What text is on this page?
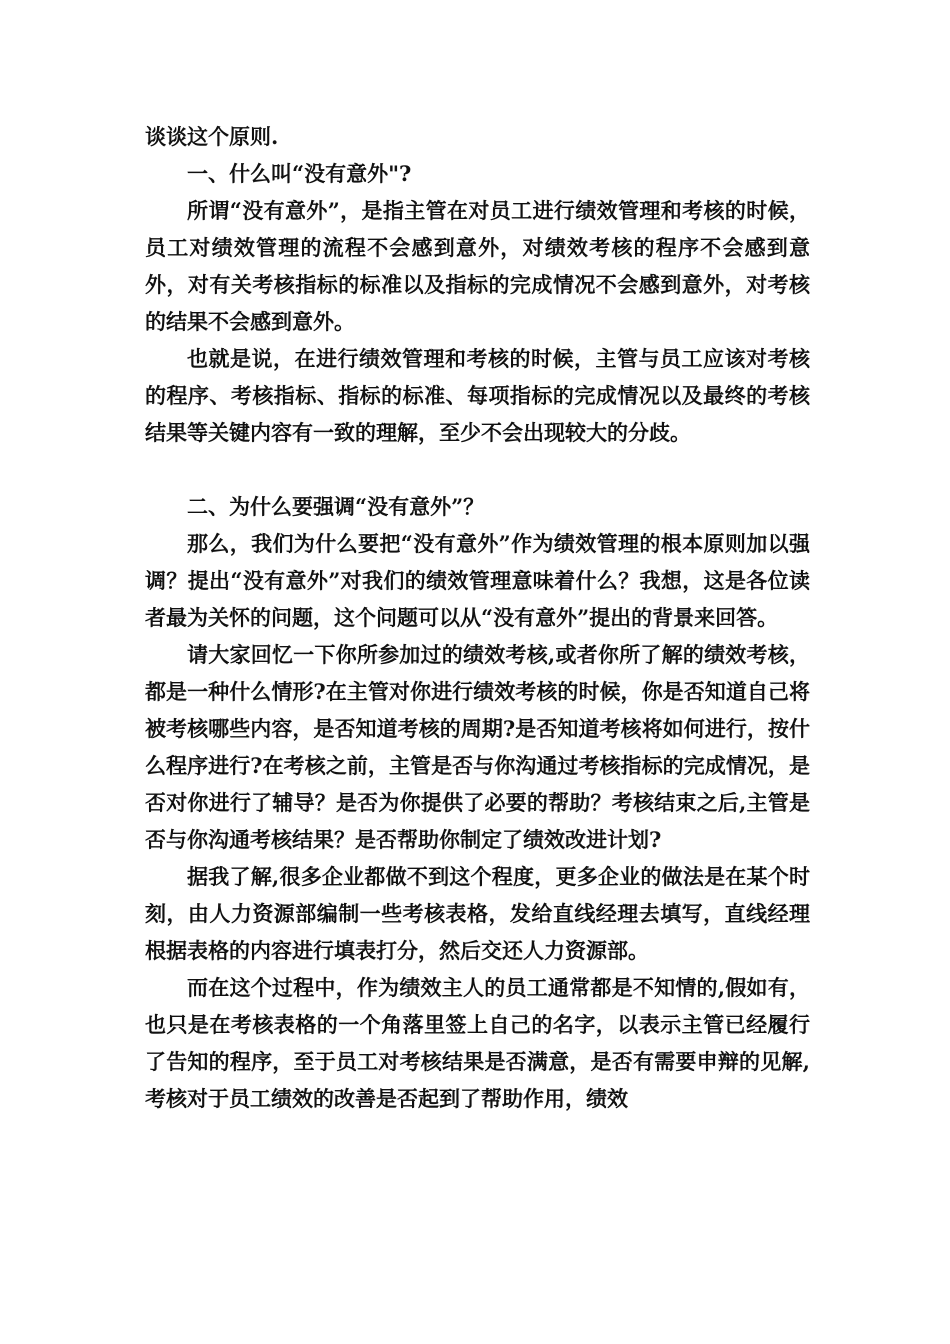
谈谈这个原则.

一、什么叫“没有意外"?

所谓“没有意外”，是指主管在对员工进行绩效管理和考核的时候，员工对绩效管理的流程不会感到意外，对绩效考核的程序不会感到意外，对有关考核指标的标准以及指标的完成情况不会感到意外，对考核的结果不会感到意外。

也就是说，在进行绩效管理和考核的时候，主管与员工应该对考核的程序、考核指标、指标的标准、每项指标的完成情况以及最终的考核结果等关键内容有一致的理解，至少不会出现较大的分歧。

二、为什么要强调“没有意外”？

那么，我们为什么要把“没有意外”作为绩效管理的根本原则加以强调？提出“没有意外”对我们的绩效管理意味着什么？我想，这是各位读者最为关怀的问题，这个问题可以从“没有意外”提出的背景来回答。

请大家回忆一下你所参加过的绩效考核,或者你所了解的绩效考核，都是一种什么情形?在主管对你进行绩效考核的时候，你是否知道自己将被考核哪些内容，是否知道考核的周期?是否知道考核将如何进行，按什么程序进行?在考核之前，主管是否与你沟通过考核指标的完成情况，是否对你进行了辅导？是否为你提供了必要的帮助？考核结束之后,主管是否与你沟通考核结果？是否帮助你制定了绩效改进计划?

据我了解,很多企业都做不到这个程度，更多企业的做法是在某个时刻，由人力资源部编制一些考核表格，发给直线经理去填写，直线经理根据表格的内容进行填表打分，然后交还人力资源部。

而在这个过程中，作为绩效主人的员工通常都是不知情的,假如有，也只是在考核表格的一个角落里签上自己的名字，以表示主管已经履行了告知的程序，至于员工对考核结果是否满意，是否有需要申辩的见解,考核对于员工绩效的改善是否起到了帮助作用，绩效
